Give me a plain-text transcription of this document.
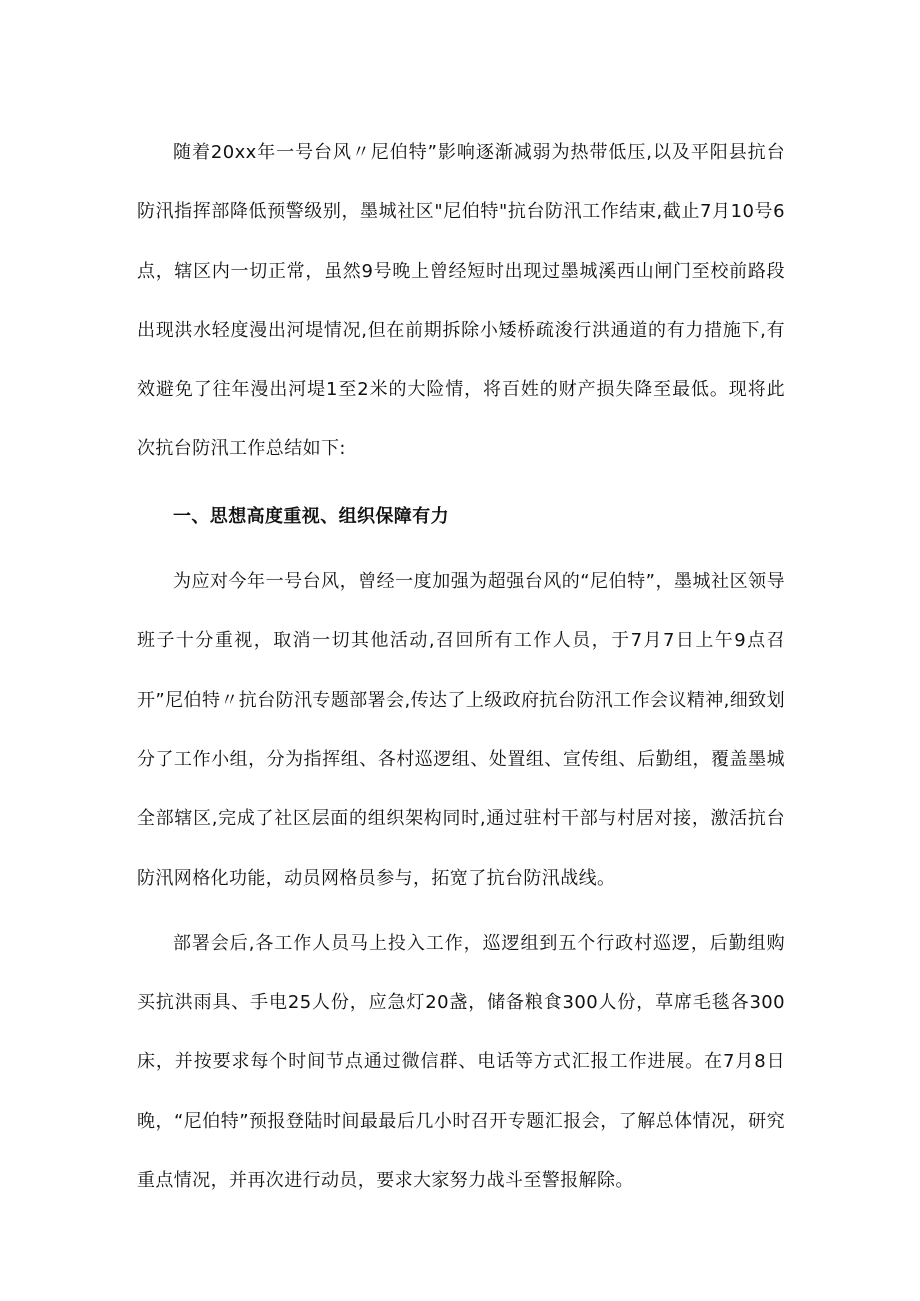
随着20xx年一号台风〃尼伯特”影响逐渐减弱为热带低压,以及平阳县抗台防汛指挥部降低预警级别，墨城社区"尼伯特"抗台防汛工作结束,截止7月10号6点，辖区内一切正常，虽然9号晚上曾经短时出现过墨城溪西山闸门至校前路段出现洪水轻度漫出河堤情况,但在前期拆除小矮桥疏浚行洪通道的有力措施下,有效避免了往年漫出河堤1至2米的大险情，将百姓的财产损失降至最低。现将此次抗台防汛工作总结如下:

一、思想高度重视、组织保障有力

为应对今年一号台风，曾经一度加强为超强台风的“尼伯特”，墨城社区领导班子十分重视，取消一切其他活动,召回所有工作人员，于7月7日上午9点召开”尼伯特〃抗台防汛专题部署会,传达了上级政府抗台防汛工作会议精神,细致划分了工作小组，分为指挥组、各村巡逻组、处置组、宣传组、后勤组，覆盖墨城全部辖区,完成了社区层面的组织架构同时,通过驻村干部与村居对接，激活抗台防汛网格化功能，动员网格员参与，拓宽了抗台防汛战线。

部署会后,各工作人员马上投入工作，巡逻组到五个行政村巡逻，后勤组购买抗洪雨具、手电25人份，应急灯20盏，储备粮食300人份，草席毛毯各300床，并按要求每个时间节点通过微信群、电话等方式汇报工作进展。在7月8日晚，“尼伯特”预报登陆时间最最后几小时召开专题汇报会，了解总体情况，研究重点情况，并再次进行动员，要求大家努力战斗至警报解除。
